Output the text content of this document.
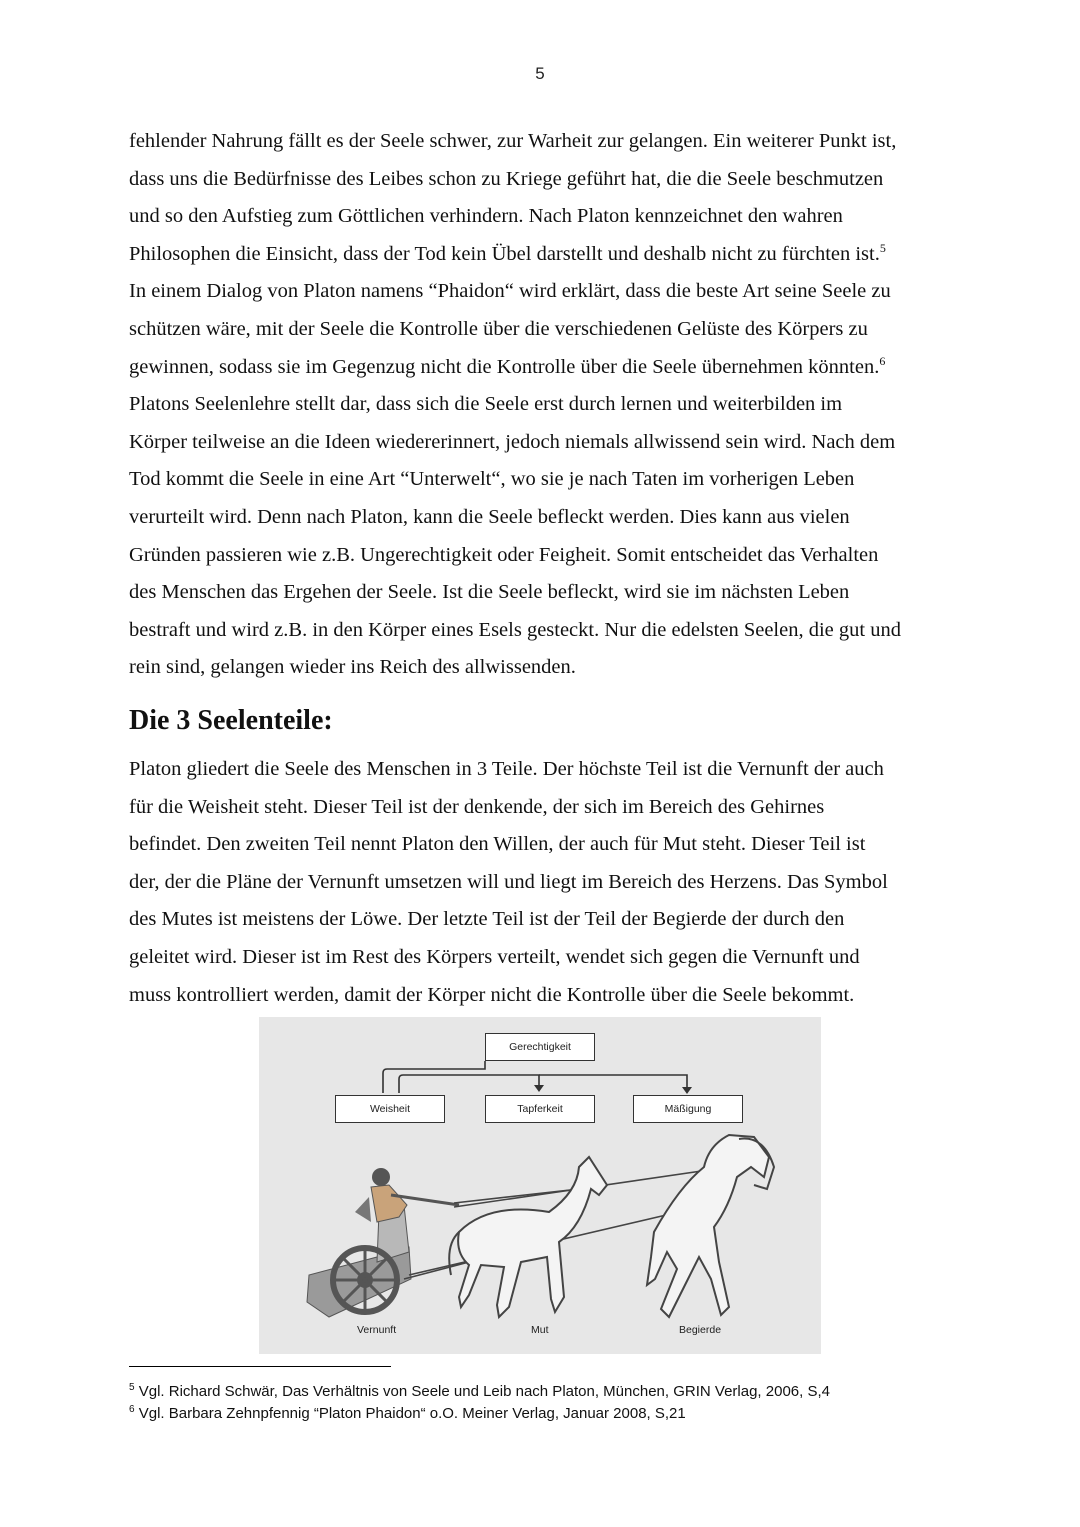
5
fehlender Nahrung fällt es der Seele schwer, zur Warheit zur gelangen. Ein weiterer Punkt ist,
dass uns die Bedürfnisse des Leibes schon zu Kriege geführt hat, die die Seele beschmutzen
und so den Aufstieg zum Göttlichen verhindern. Nach Platon kennzeichnet den wahren
Philosophen die Einsicht, dass der Tod kein Übel darstellt und deshalb nicht zu fürchten ist.$^5$
In einem Dialog von Platon namens “Phaidon“ wird erklärt, dass die beste Art seine Seele zu
schützen wäre, mit der Seele die Kontrolle über die verschiedenen Gelüste des Körpers zu
gewinnen, sodass sie im Gegenzug nicht die Kontrolle über die Seele übernehmen könnten.$^6$
Platons Seelenlehre stellt dar, dass sich die Seele erst durch lernen und weiterbilden im
Körper teilweise an die Ideen wiedererinnert, jedoch niemals allwissend sein wird. Nach dem
Tod kommt die Seele in eine Art “Unterwelt“, wo sie je nach Taten im vorherigen Leben
verurteilt wird. Denn nach Platon, kann die Seele befleckt werden. Dies kann aus vielen
Gründen passieren wie z.B. Ungerechtigkeit oder Feigheit. Somit entscheidet das Verhalten
des Menschen das Ergehen der Seele. Ist die Seele befleckt, wird sie im nächsten Leben
bestraft und wird z.B. in den Körper eines Esels gesteckt. Nur die edelsten Seelen, die gut und
rein sind, gelangen wieder ins Reich des allwissenden.
Die 3 Seelenteile:
Platon gliedert die Seele des Menschen in 3 Teile. Der höchste Teil ist die Vernunft der auch
für die Weisheit steht. Dieser Teil ist der denkende, der sich im Bereich des Gehirnes
befindet. Den zweiten Teil nennt Platon den Willen, der auch für Mut steht. Dieser Teil ist
der, der die Pläne der Vernunft umsetzen will und liegt im Bereich des Herzens. Das Symbol
des Mutes ist meistens der Löwe. Der letzte Teil ist der Teil der Begierde der durch den
geleitet wird. Dieser ist im Rest des Körpers verteilt, wendet sich gegen die Vernunft und
muss kontrolliert werden, damit der Körper nicht die Kontrolle über die Seele bekommt.
Gerechtigkeit
Weisheit	Tapferkeit	Mäßigung
Vernunft	Mut	Begierde
$^5$ Vgl. Richard Schwär, Das Verhältnis von Seele und Leib nach Platon, München, GRIN Verlag, 2006, S,4
$^6$ Vgl. Barbara Zehnpfennig “Platon Phaidon“ o.O. Meiner Verlag, Januar 2008, S,21
